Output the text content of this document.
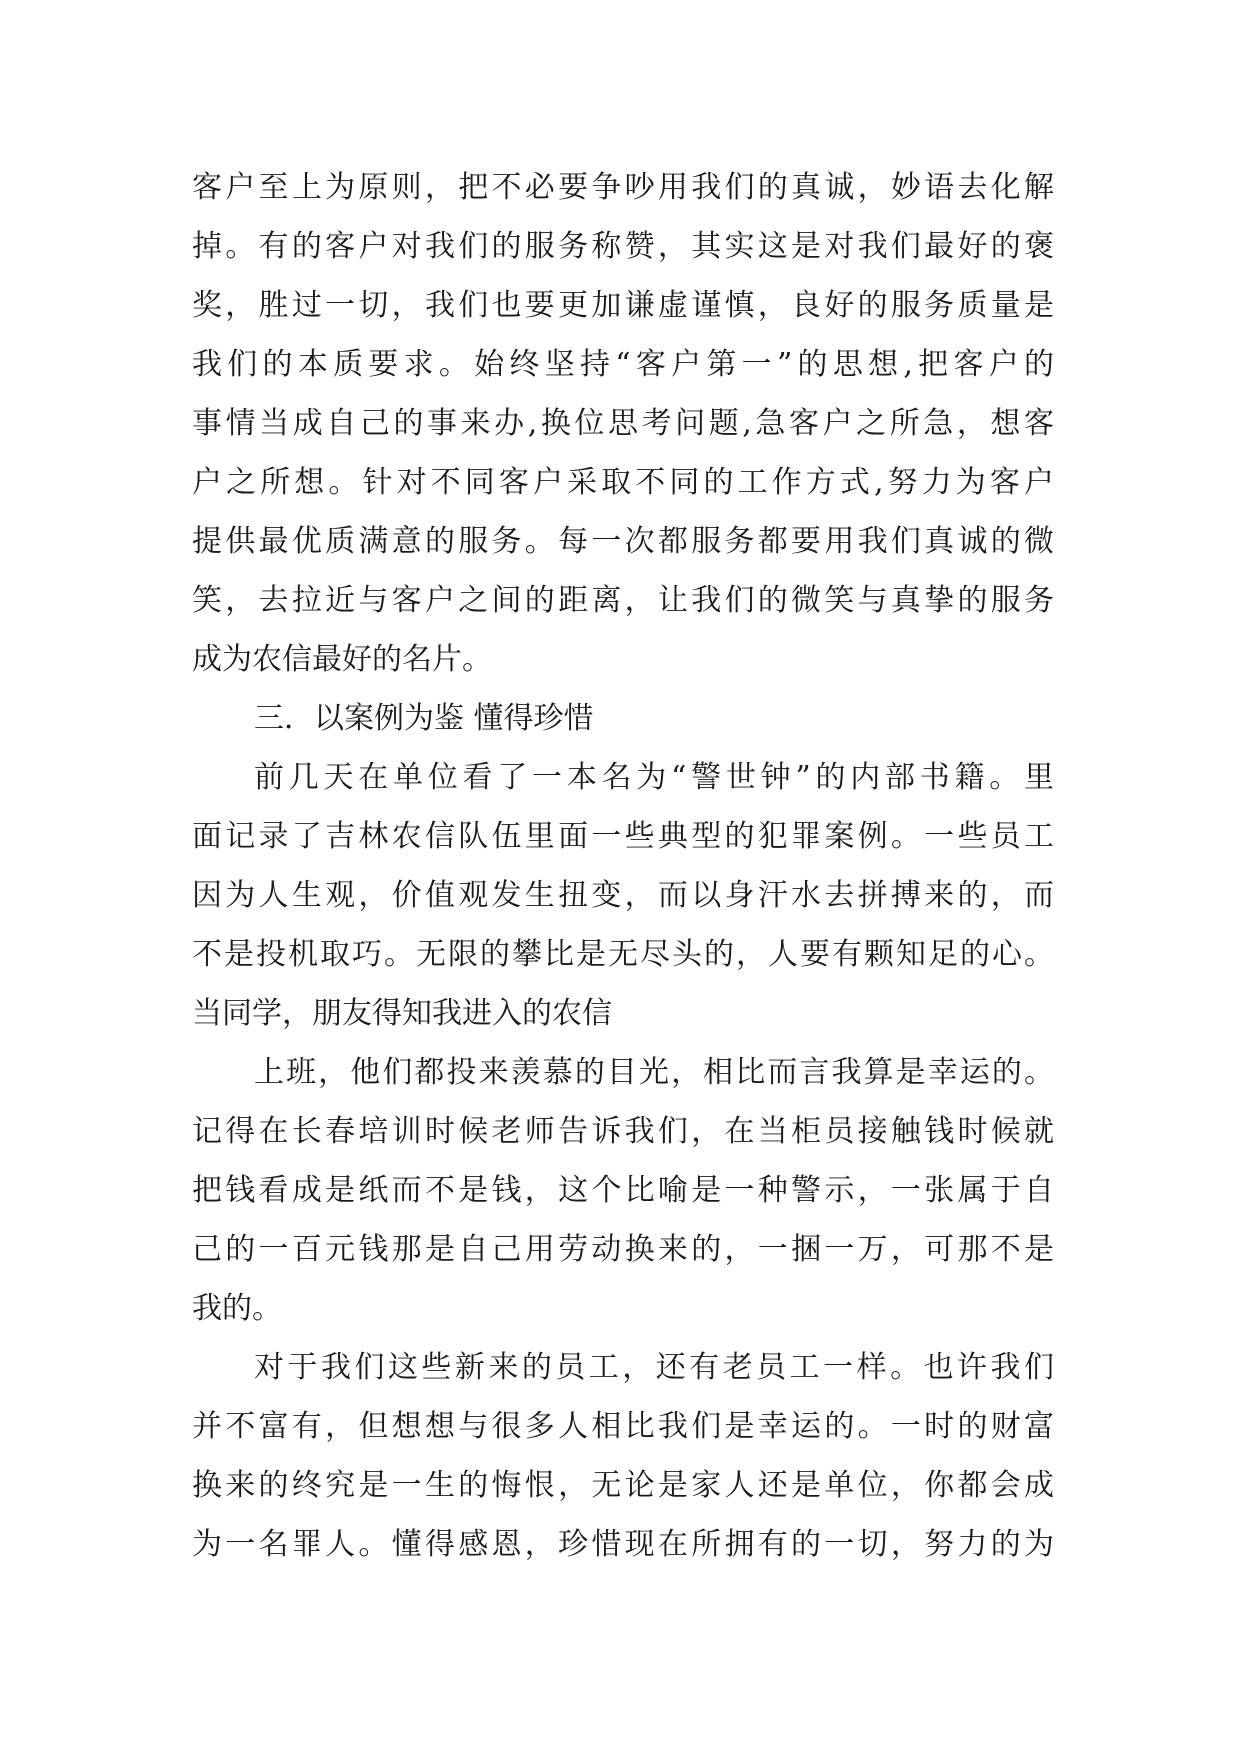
客户至上为原则，把不必要争吵用我们的真诚，妙语去化解
掉。有的客户对我们的服务称赞，其实这是对我们最好的褒
奖，胜过一切，我们也要更加谦虚谨慎，良好的服务质量是
我们的本质要求。始终坚持“客户第一”的思想,把客户的
事情当成自己的事来办,换位思考问题,急客户之所急，想客
户之所想。针对不同客户采取不同的工作方式,努力为客户
提供最优质满意的服务。每一次都服务都要用我们真诚的微
笑，去拉近与客户之间的距离，让我们的微笑与真挚的服务
成为农信最好的名片。
三．以案例为鉴 懂得珍惜
前几天在单位看了一本名为“警世钟”的内部书籍。里
面记录了吉林农信队伍里面一些典型的犯罪案例。一些员工
因为人生观，价值观发生扭变，而以身汗水去拼搏来的，而
不是投机取巧。无限的攀比是无尽头的，人要有颗知足的心。
当同学，朋友得知我进入的农信
上班，他们都投来羡慕的目光，相比而言我算是幸运的。
记得在长春培训时候老师告诉我们，在当柜员接触钱时候就
把钱看成是纸而不是钱，这个比喻是一种警示，一张属于自
己的一百元钱那是自己用劳动换来的，一捆一万，可那不是
我的。
对于我们这些新来的员工，还有老员工一样。也许我们
并不富有，但想想与很多人相比我们是幸运的。一时的财富
换来的终究是一生的悔恨，无论是家人还是单位，你都会成
为一名罪人。懂得感恩，珍惜现在所拥有的一切，努力的为
